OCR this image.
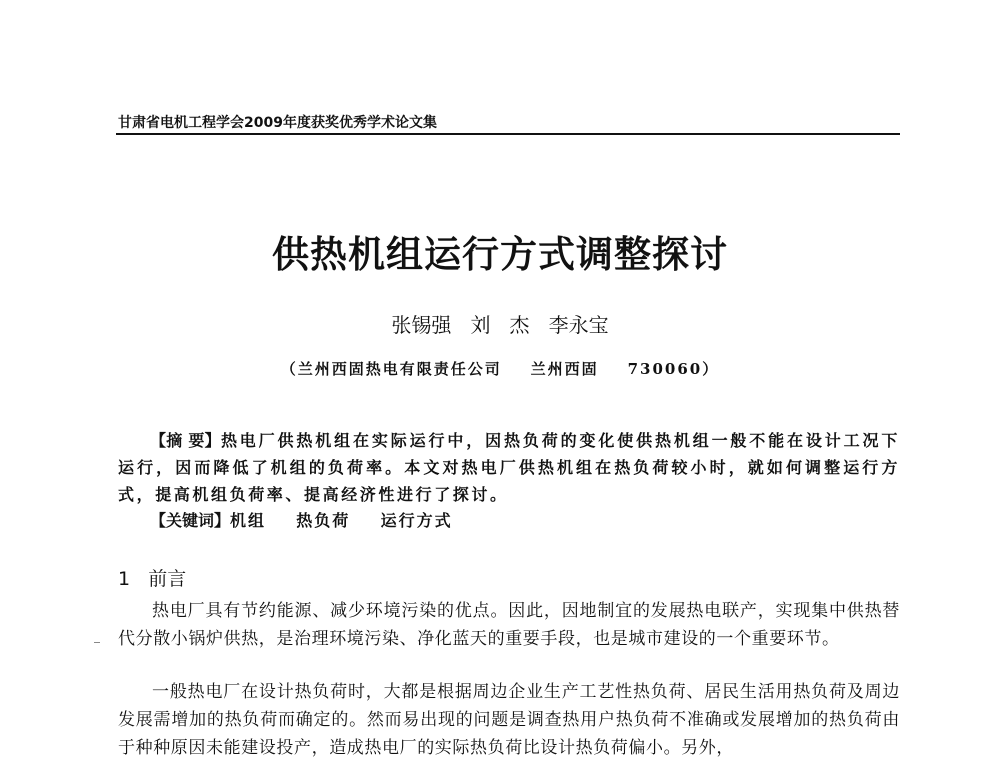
甘肃省电机工程学会2009年度获奖优秀学术论文集
供热机组运行方式调整探讨
张锡强   刘   杰   李永宝
（兰州西固热电有限责任公司    兰州西固    730060）
【摘 要】热电厂供热机组在实际运行中，因热负荷的变化使供热机组一般不能在设计工况下运行，因而降低了机组的负荷率。本文对热电厂供热机组在热负荷较小时，就如何调整运行方式，提高机组负荷率、提高经济性进行了探讨。
【关键词】机组    热负荷    运行方式
1   前言

热电厂具有节约能源、减少环境污染的优点。因此，因地制宜的发展热电联产，实现集中供热替代分散小锅炉供热，是治理环境污染、净化蓝天的重要手段，也是城市建设的一个重要环节。

一般热电厂在设计热负荷时，大都是根据周边企业生产工艺性热负荷、居民生活用热负荷及周边发展需增加的热负荷而确定的。然而易出现的问题是调查热用户热负荷不准确或发展增加的热负荷由于种种原因未能建设投产，造成热电厂的实际热负荷比设计热负荷偏小。另外，
